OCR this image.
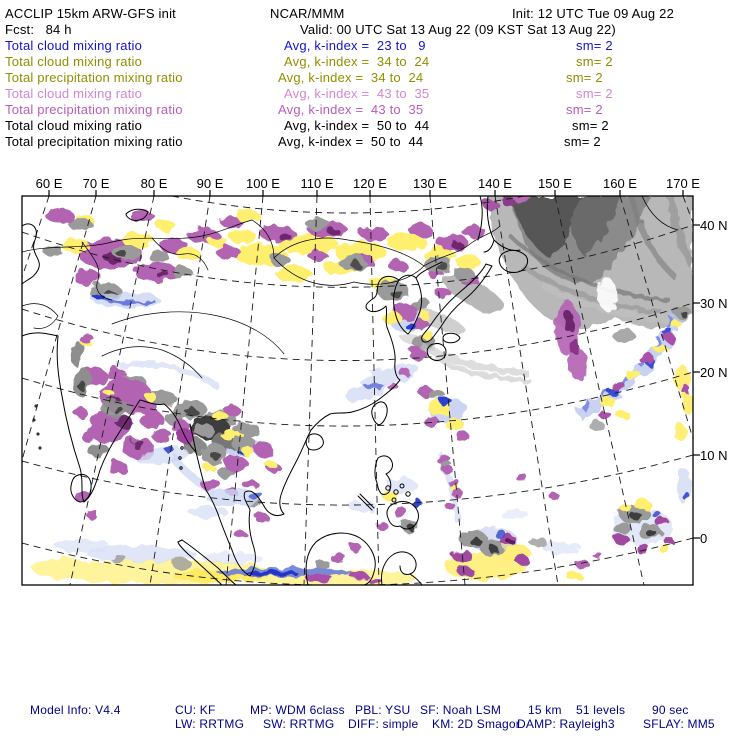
ACCLIP 15km ARW-GFS init	NCAR/MMM	Init: 12 UTC Tue 09 Aug 22
Fcst:   84 h	Valid: 00 UTC Sat 13 Aug 22 (09 KST Sat 13 Aug 22)
Total cloud mixing ratio	Avg, k-index =  23 to   9	sm= 2
Total cloud mixing ratio	Avg, k-index =  34 to  24	sm= 2
Total precipitation mixing ratio	Avg, k-index =  34 to  24	sm= 2
Total cloud mixing ratio	Avg, k-index =  43 to  35	sm= 2
Total precipitation mixing ratio	Avg, k-index =  43 to  35	sm= 2
Total cloud mixing ratio	Avg, k-index =  50 to  44	sm= 2
Total precipitation mixing ratio	Avg, k-index =  50 to  44	sm= 2
60 E 70 E 80 E 90 E 100 E 110 E 120 E 130 E 140 E 150 E 160 E 170 E
40 N
30 N
20 N
10 N
0
Model Info: V4.4	CU: KF	MP: WDM 6class PBL: YSU SF: Noah LSM 15 km 51 levels 90 sec
LW: RRTMG SW: RRTMG DIFF: simple KM: 2D Smagor
DAMP: Rayleigh3 SFLAY: MM5
